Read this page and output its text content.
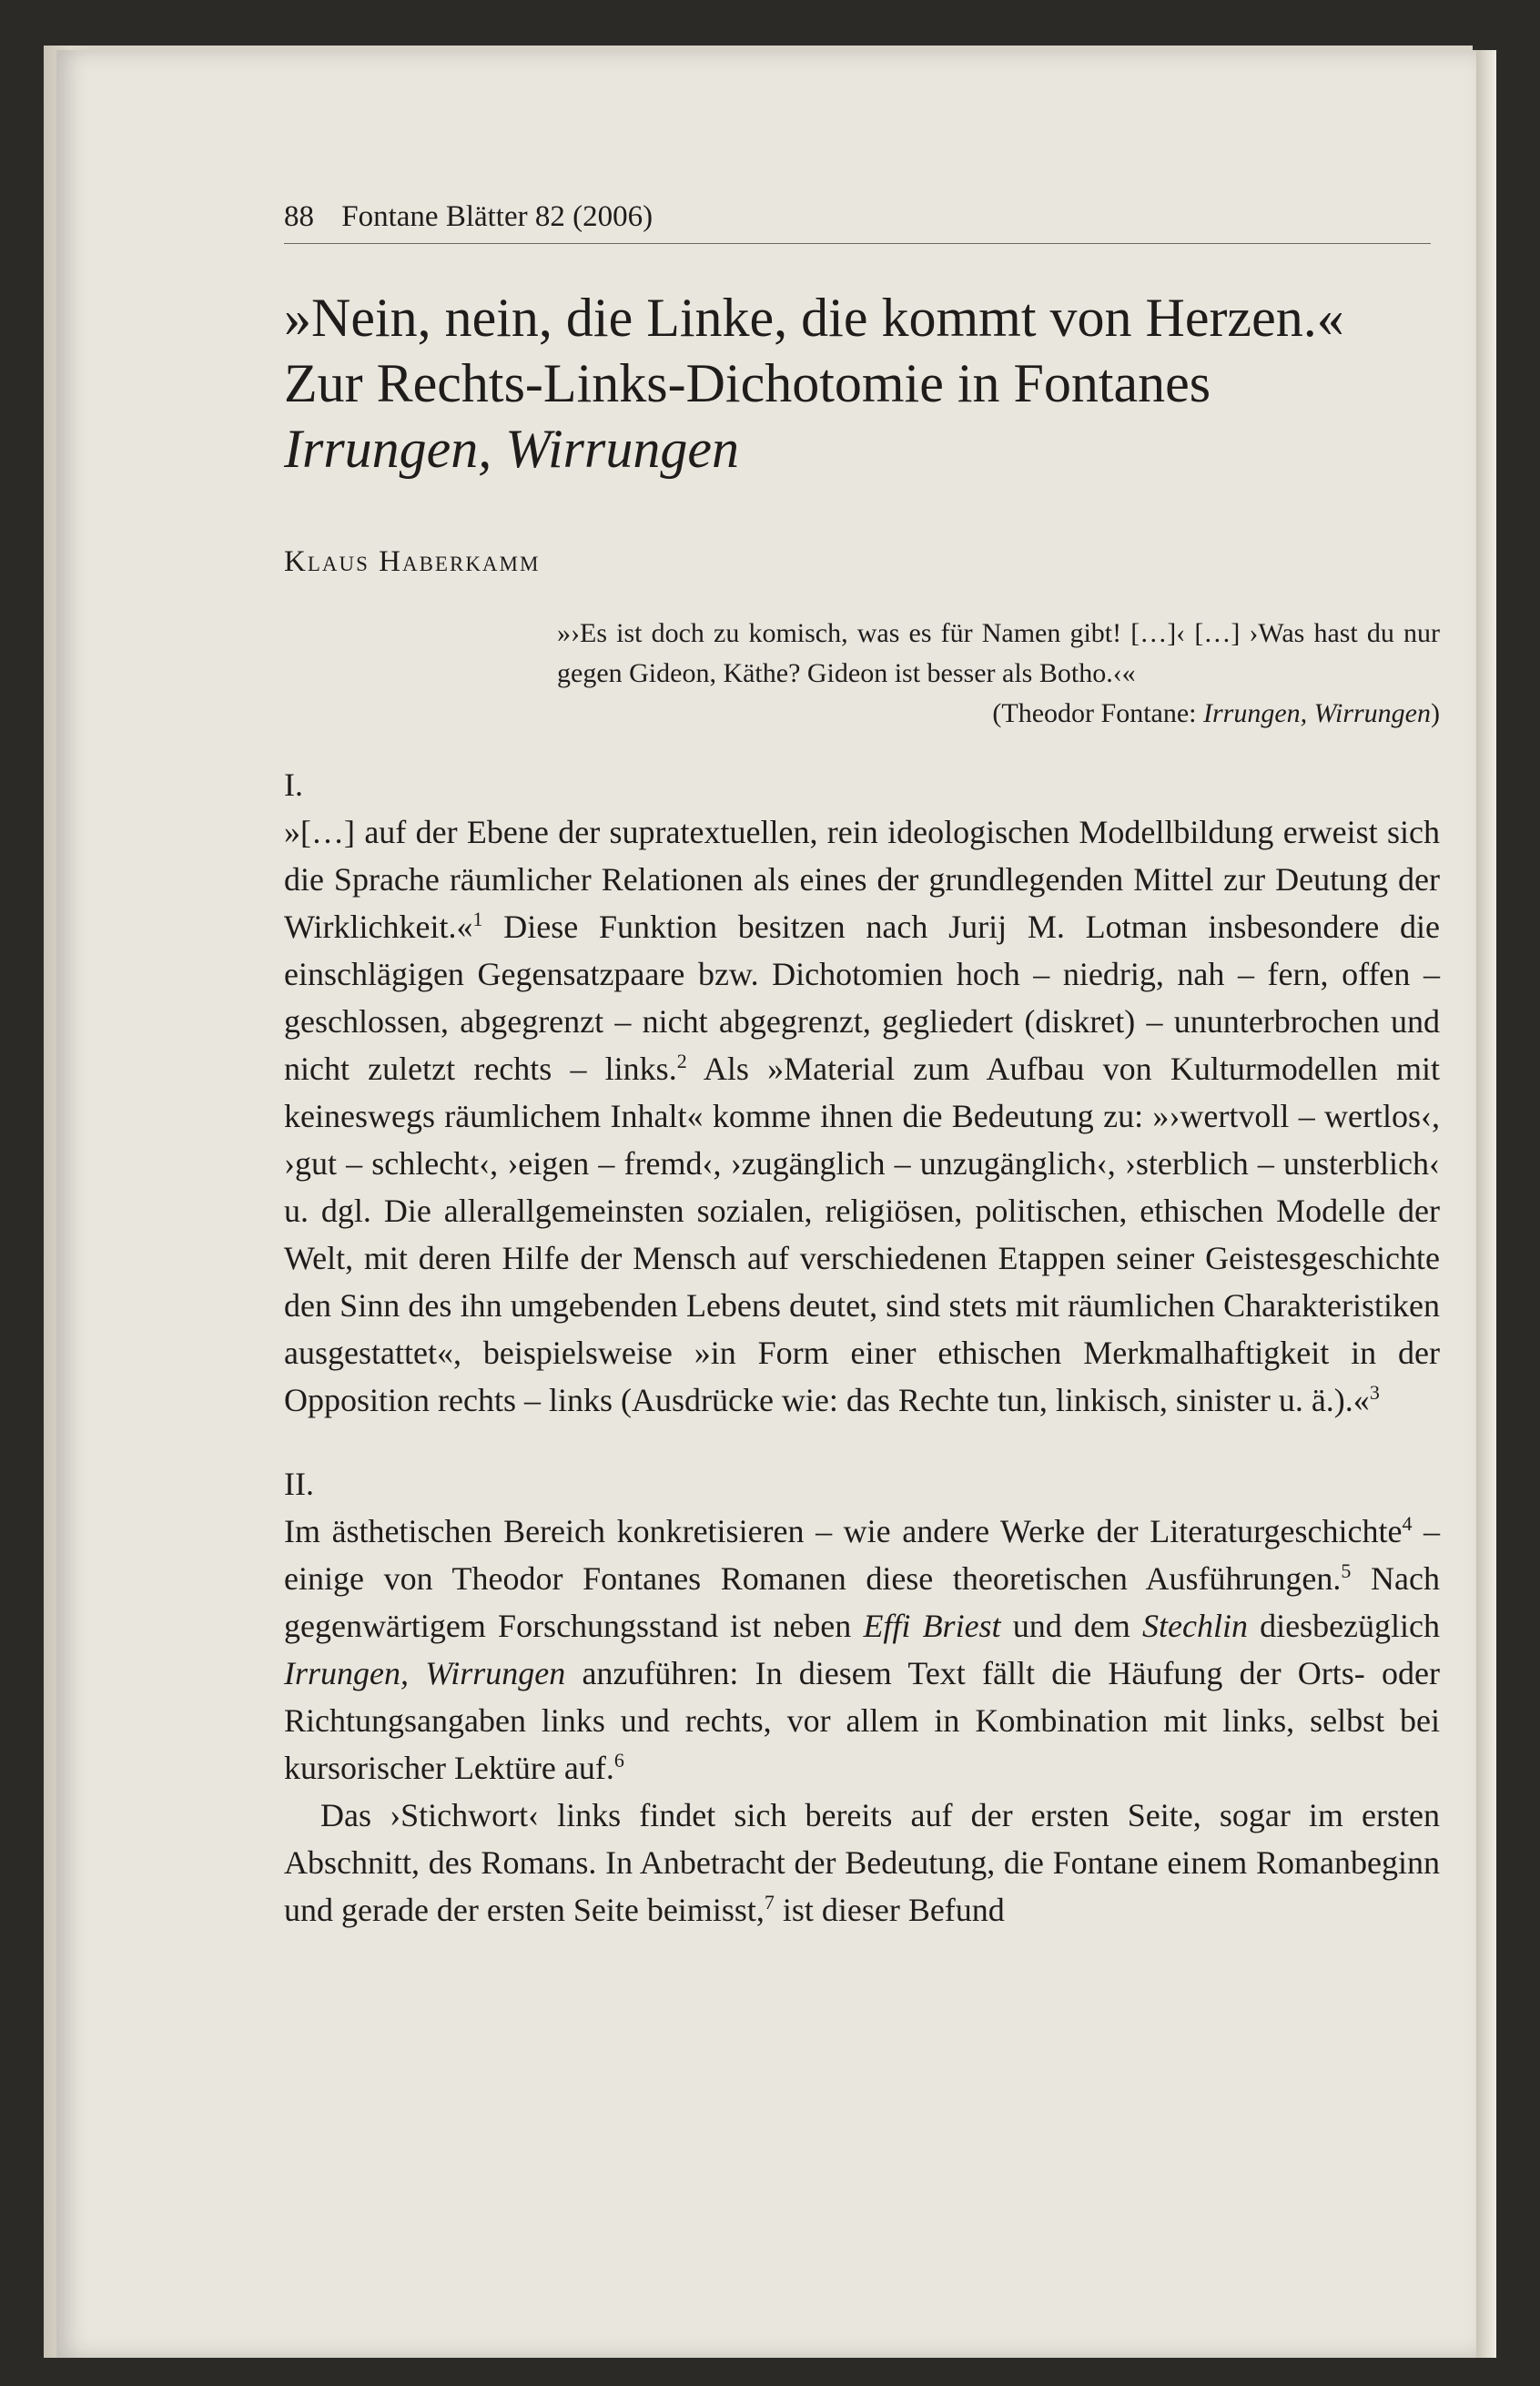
88 Fontane Blätter 82 (2006)
»Nein, nein, die Linke, die kommt von Herzen.«
Zur Rechts-Links-Dichotomie in Fontanes
Irrungen, Wirrungen
Klaus Haberkamm
»›Es ist doch zu komisch, was es für Namen gibt! […]‹ […] ›Was hast du nur gegen Gideon, Käthe? Gideon ist besser als Botho.‹«
(Theodor Fontane: Irrungen, Wirrungen)
I.

»[…] auf der Ebene der supratextuellen, rein ideologischen Modellbildung erweist sich die Sprache räumlicher Relationen als eines der grundlegenden Mittel zur Deutung der Wirklichkeit.«$^1$ Diese Funktion besitzen nach Jurij M. Lotman insbesondere die einschlägigen Gegensatzpaare bzw. Dichotomien hoch – niedrig, nah – fern, offen – geschlossen, abgegrenzt – nicht abgegrenzt, gegliedert (diskret) – ununterbrochen und nicht zuletzt rechts – links.$^2$ Als »Material zum Aufbau von Kulturmodellen mit keineswegs räumlichem Inhalt« komme ihnen die Bedeutung zu: »›wertvoll – wertlos‹, ›gut – schlecht‹, ›eigen – fremd‹, ›zugänglich – unzugänglich‹, ›sterblich – unsterblich‹ u. dgl. Die allerallgemeinsten sozialen, religiösen, politischen, ethischen Modelle der Welt, mit deren Hilfe der Mensch auf verschiedenen Etappen seiner Geistesgeschichte den Sinn des ihn umgebenden Lebens deutet, sind stets mit räumlichen Charakteristiken ausgestattet«, beispielsweise »in Form einer ethischen Merkmalhaftigkeit in der Opposition rechts – links (Ausdrücke wie: das Rechte tun, linkisch, sinister u. ä.).«$^3$

II.

Im ästhetischen Bereich konkretisieren – wie andere Werke der Literaturgeschichte$^4$ – einige von Theodor Fontanes Romanen diese theoretischen Ausführungen.$^5$ Nach gegenwärtigem Forschungsstand ist neben Effi Briest und dem Stechlin diesbezüglich Irrungen, Wirrungen anzuführen: In diesem Text fällt die Häufung der Orts- oder Richtungsangaben links und rechts, vor allem in Kombination mit links, selbst bei kursorischer Lektüre auf.$^6$

Das ›Stichwort‹ links findet sich bereits auf der ersten Seite, sogar im ersten Abschnitt, des Romans. In Anbetracht der Bedeutung, die Fontane einem Romanbeginn und gerade der ersten Seite beimisst,$^7$ ist dieser Befund
